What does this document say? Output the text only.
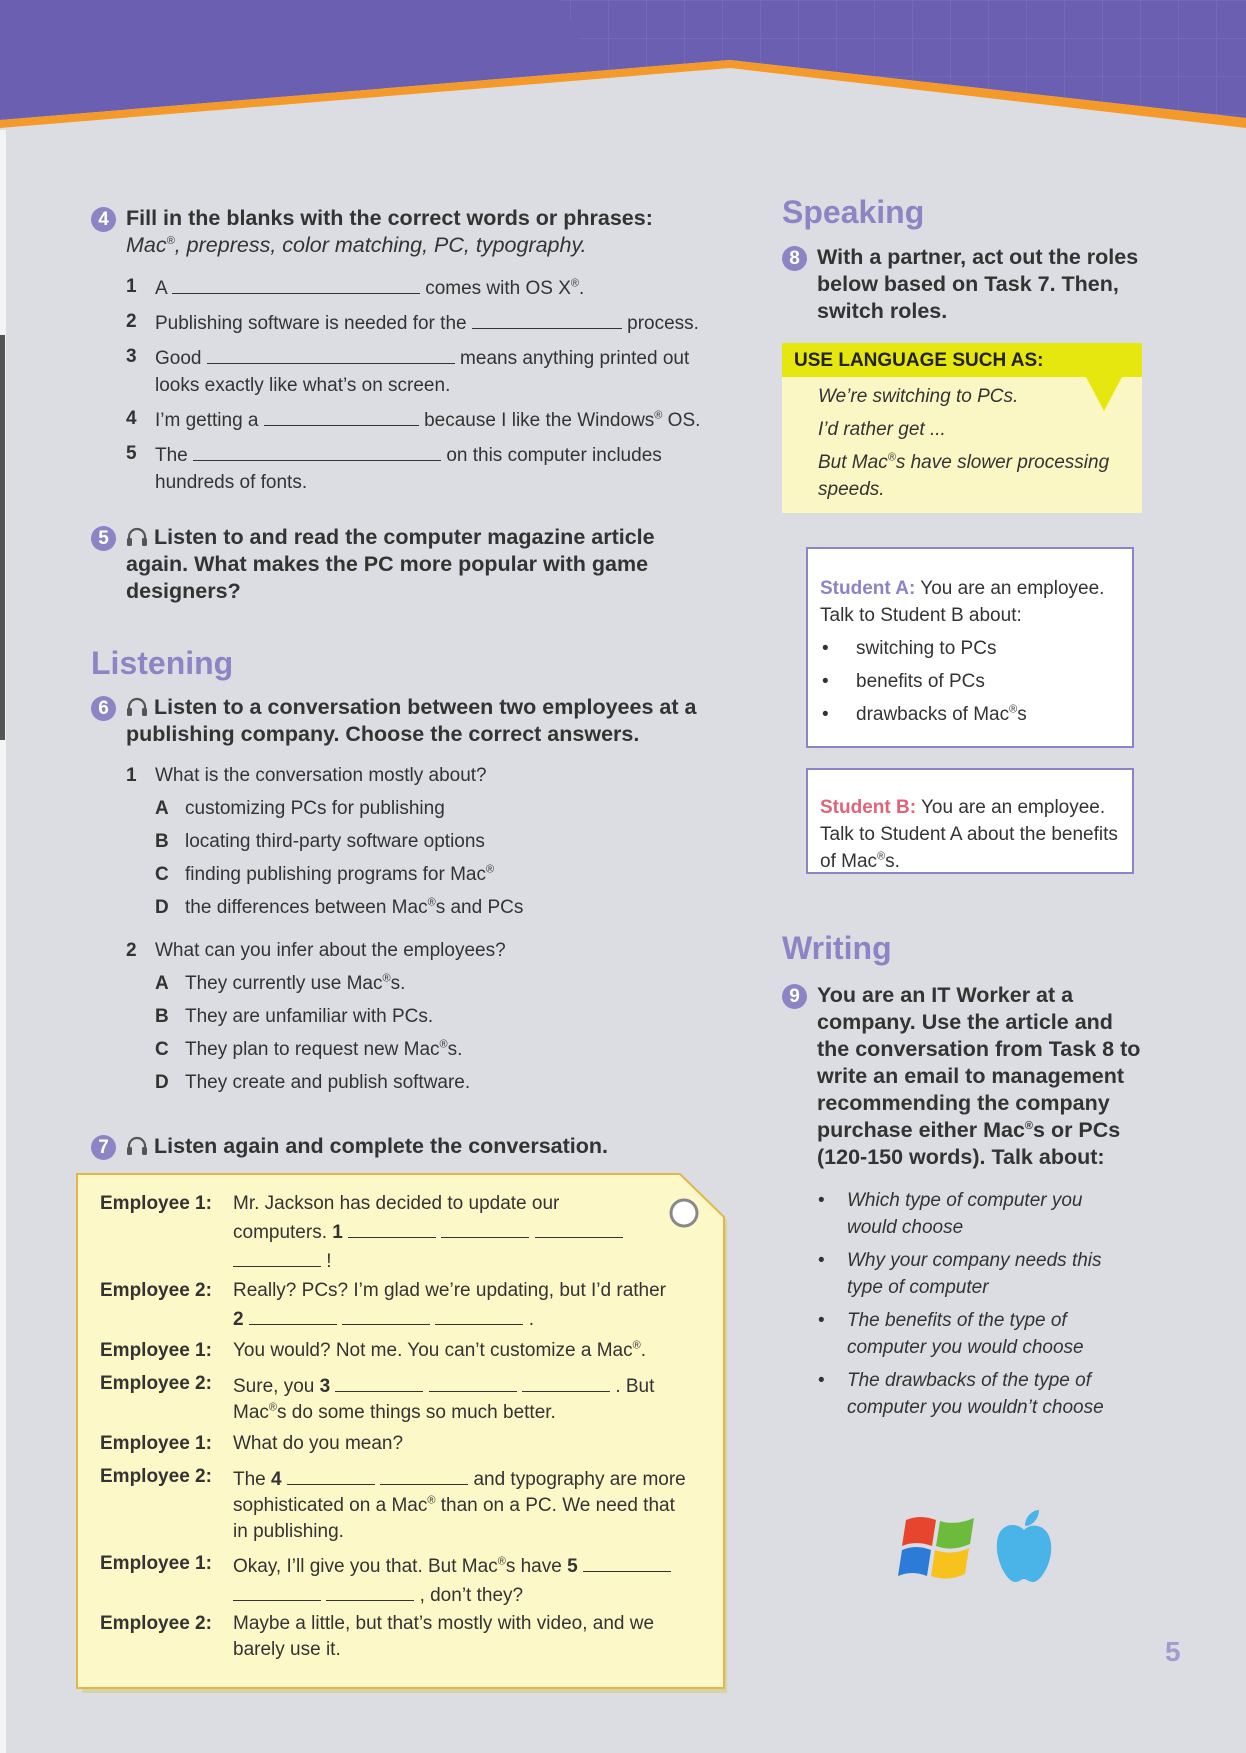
4 Fill in the blanks with the correct words or phrases:
Mac®, prepress, color matching, PC, typography.
1 A	comes with OS X®.
2 Publishing software is needed for the	process.
3 Good	means anything printed out
looks exactly like what’s on screen.
4 I’m getting a	because I like the Windows® OS.
5 The	on this computer includes
hundreds of fonts.
5	Listen to and read the computer magazine article again. What makes the PC more popular with game designers?
Listening
6	Listen to a conversation between two employees at a publishing company. Choose the correct answers.
1 What is the conversation mostly about?
A customizing PCs for publishing
B locating third-party software options
C finding publishing programs for Mac®
D the differences between Mac®s and PCs
2 What can you infer about the employees?
A They currently use Mac®s.
B They are unfamiliar with PCs.
C They plan to request new Mac®s.
D They create and publish software.
7	Listen again and complete the conversation.
Employee 1:	Mr. Jackson has decided to update our
computers. 1
!
Employee 2:	Really? PCs? I’m glad we’re updating, but I’d rather
2	.
Employee 1:	You would? Not me. You can’t customize a Mac®.
Employee 2:	Sure, you 3	. But
Mac®s do some things so much better.
Employee 1:	What do you mean?
Employee 2:	The 4	and typography are more
sophisticated on a Mac® than on a PC. We need that
in publishing.
Employee 1:	Okay, I’ll give you that. But Mac®s have 5
, don’t they?
Employee 2:	Maybe a little, but that’s mostly with video, and we
barely use it.
Speaking
8 With a partner, act out the roles below based on Task 7. Then, switch roles.
USE LANGUAGE SUCH AS:
We’re switching to PCs.
I’d rather get ...
But Mac®s have slower processing speeds.
Student A: You are an employee. Talk to Student B about:
• switching to PCs
• benefits of PCs
• drawbacks of Mac®s
Student B: You are an employee. Talk to Student A about the benefits of Mac®s.
Writing
9 You are an IT Worker at a company. Use the article and the conversation from Task 8 to write an email to management recommending the company purchase either Mac®s or PCs (120-150 words). Talk about:
• Which type of computer you would choose
• Why your company needs this type of computer
• The benefits of the type of computer you would choose
• The drawbacks of the type of computer you wouldn’t choose
5
